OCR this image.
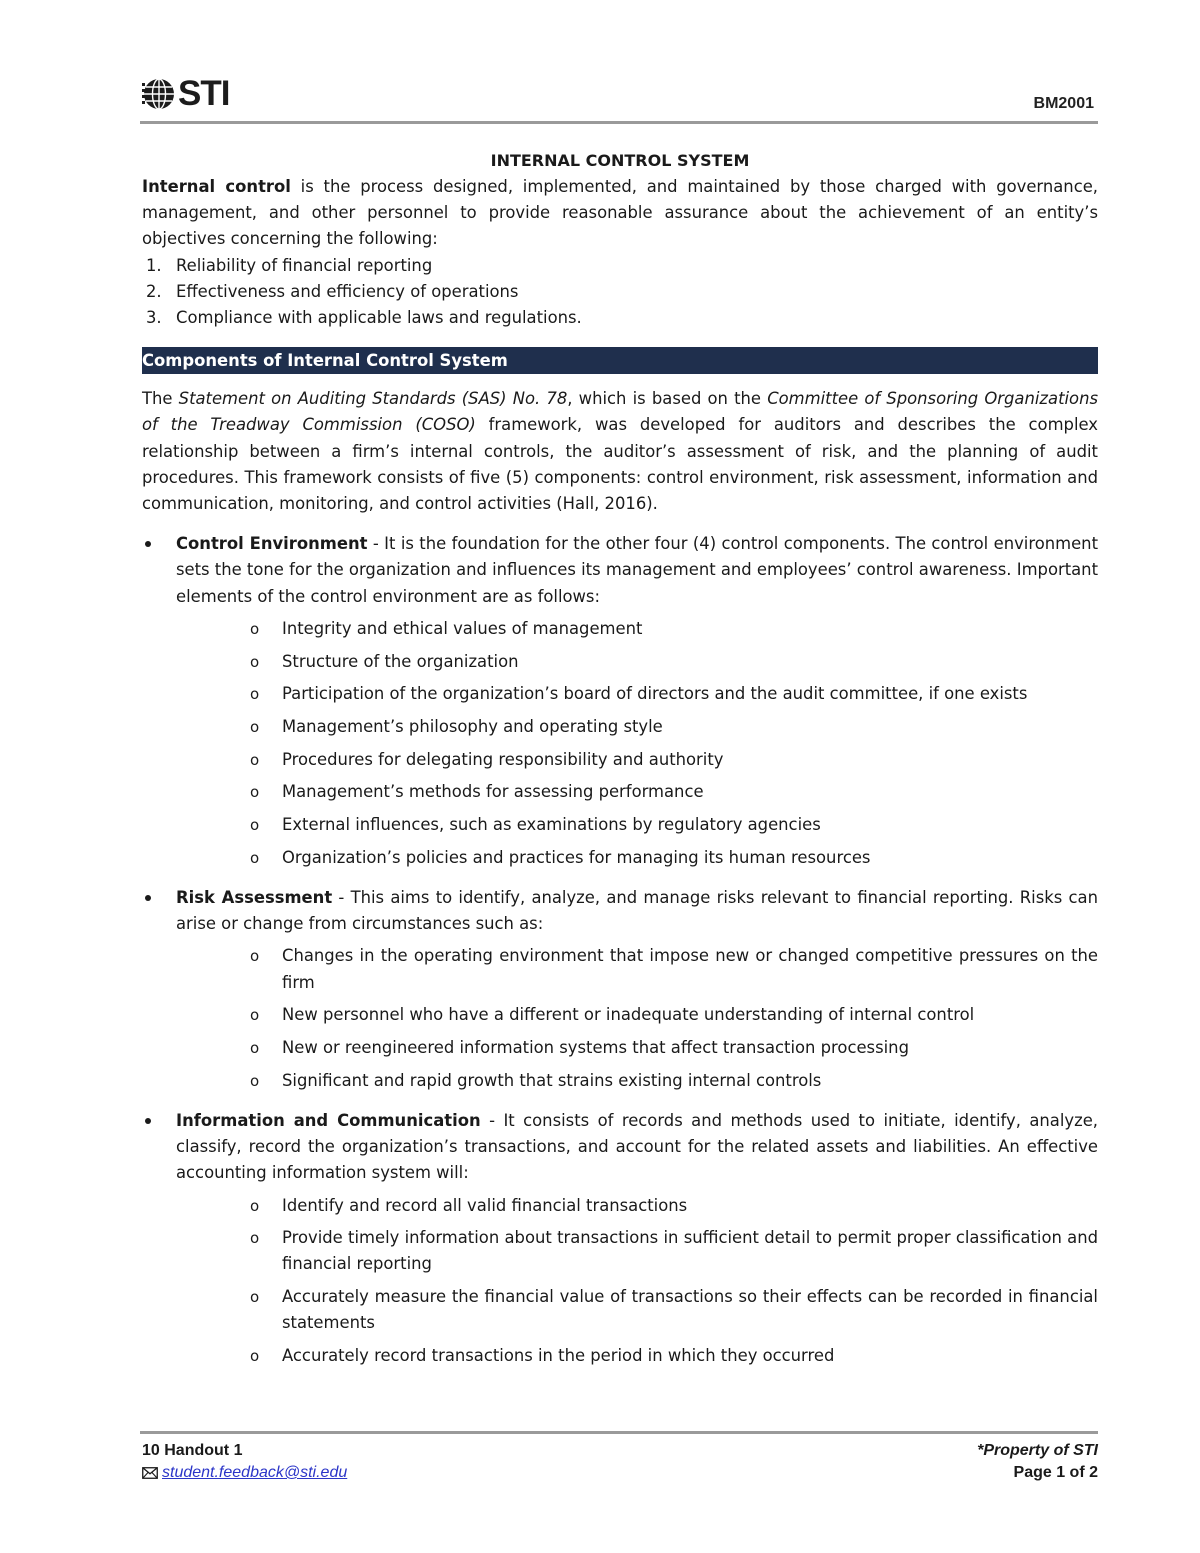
STI	BM2001

INTERNAL CONTROL SYSTEM

Internal control is the process designed, implemented, and maintained by those charged with governance, management, and other personnel to provide reasonable assurance about the achievement of an entity’s objectives concerning the following:

1. Reliability of financial reporting
2. Effectiveness and efficiency of operations
3. Compliance with applicable laws and regulations.
Components of Internal Control System

The Statement on Auditing Standards (SAS) No. 78, which is based on the Committee of Sponsoring Organizations of the Treadway Commission (COSO) framework, was developed for auditors and describes the complex relationship between a firm’s internal controls, the auditor’s assessment of risk, and the planning of audit procedures. This framework consists of five (5) components: control environment, risk assessment, information and communication, monitoring, and control activities (Hall, 2016).

Control Environment - It is the foundation for the other four (4) control components. The control environment sets the tone for the organization and influences its management and employees’ control awareness. Important elements of the control environment are as follows:

o	Integrity and ethical values of management
o	Structure of the organization
o	Participation of the organization’s board of directors and the audit committee, if one exists
o	Management’s philosophy and operating style
o	Procedures for delegating responsibility and authority
o	Management’s methods for assessing performance
o	External influences, such as examinations by regulatory agencies
o	Organization’s policies and practices for managing its human resources

Risk Assessment - This aims to identify, analyze, and manage risks relevant to financial reporting. Risks can arise or change from circumstances such as:

o	Changes in the operating environment that impose new or changed competitive pressures on the firm
o	New personnel who have a different or inadequate understanding of internal control
o	New or reengineered information systems that affect transaction processing
o	Significant and rapid growth that strains existing internal controls

Information and Communication - It consists of records and methods used to initiate, identify, analyze, classify, record the organization’s transactions, and account for the related assets and liabilities. An effective accounting information system will:

o	Identify and record all valid financial transactions
o	Provide timely information about transactions in sufficient detail to permit proper classification and financial reporting
o	Accurately measure the financial value of transactions so their effects can be recorded in financial statements
o	Accurately record transactions in the period in which they occurred
10 Handout 1	*Property of STI
student.feedback@sti.edu	Page 1 of 2
